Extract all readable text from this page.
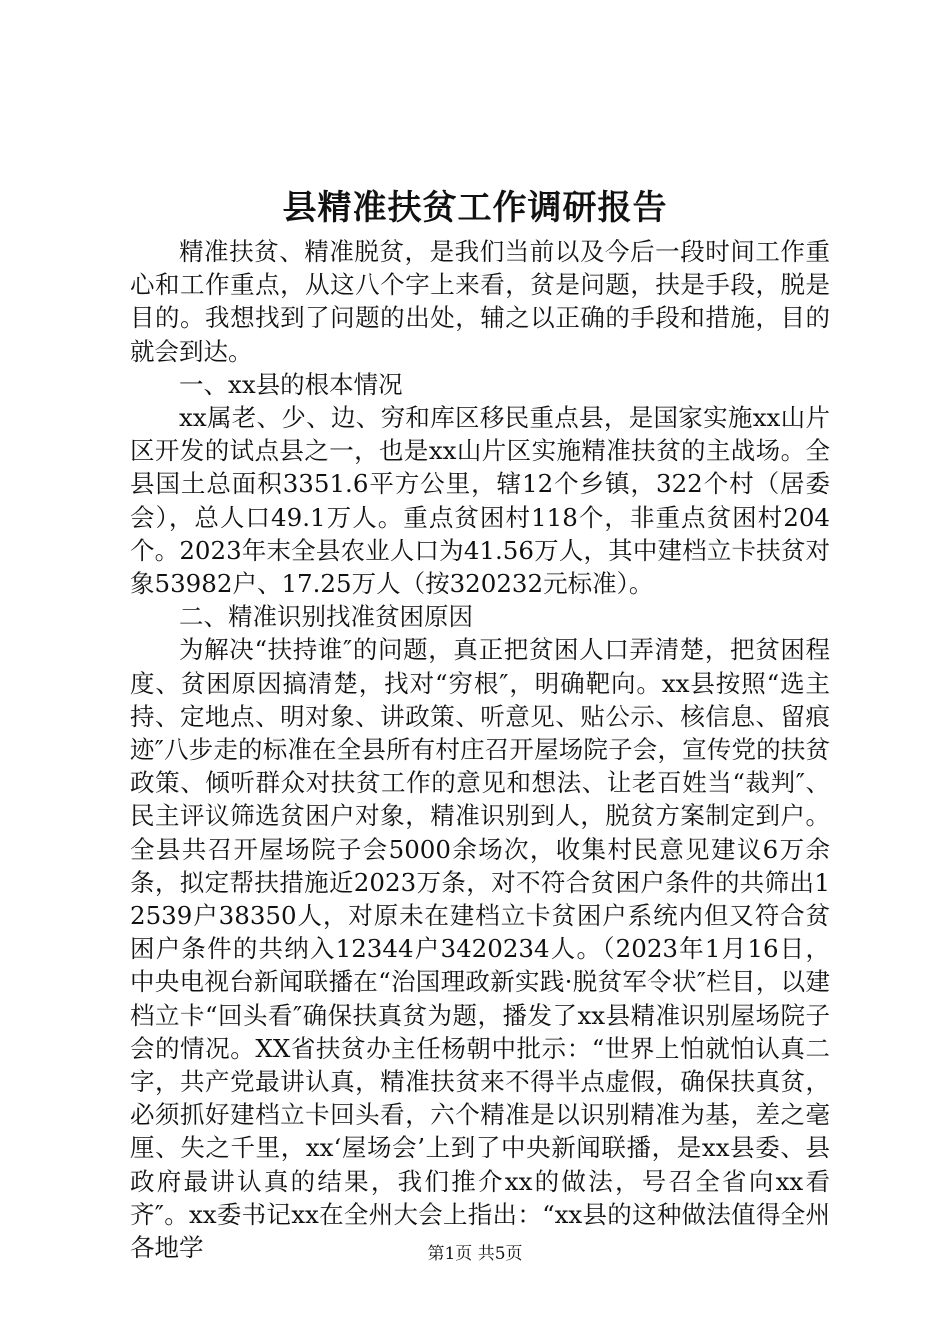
县精准扶贫工作调研报告

精准扶贫、精准脱贫，是我们当前以及今后一段时间工作重心和工作重点，从这八个字上来看，贫是问题，扶是手段，脱是目的。我想找到了问题的出处，辅之以正确的手段和措施，目的就会到达。

一、xx县的根本情况

xx属老、少、边、穷和库区移民重点县，是国家实施xx山片区开发的试点县之一，也是xx山片区实施精准扶贫的主战场。全县国土总面积3351.6平方公里，辖12个乡镇，322个村（居委会），总人口49.1万人。重点贫困村118个，非重点贫困村204个。2023年末全县农业人口为41.56万人，其中建档立卡扶贫对象53982户、17.25万人（按320232元标准）。

二、精准识别找准贫困原因

为解决“扶持谁″的问题，真正把贫困人口弄清楚，把贫困程度、贫困原因搞清楚，找对“穷根″，明确靶向。xx县按照“选主持、定地点、明对象、讲政策、听意见、贴公示、核信息、留痕迹″八步走的标准在全县所有村庄召开屋场院子会，宣传党的扶贫政策、倾听群众对扶贫工作的意见和想法、让老百姓当“裁判″、民主评议筛选贫困户对象，精准识别到人，脱贫方案制定到户。全县共召开屋场院子会5000余场次，收集村民意见建议6万余条，拟定帮扶措施近2023万条，对不符合贫困户条件的共筛出12539户38350人，对原未在建档立卡贫困户系统内但又符合贫困户条件的共纳入12344户3420234人。（2023年1月16日，中央电视台新闻联播在“治国理政新实践·脱贫军令状″栏目，以建档立卡“回头看″确保扶真贫为题，播发了xx县精准识别屋场院子会的情况。XX省扶贫办主任杨朝中批示：“世界上怕就怕认真二字，共产党最讲认真，精准扶贫来不得半点虚假，确保扶真贫，必须抓好建档立卡回头看，六个精准是以识别精准为基，差之毫厘、失之千里，xx‘屋场会’上到了中央新闻联播，是xx县委、县政府最讲认真的结果，我们推介xx的做法，号召全省向xx看齐″。xx委书记xx在全州大会上指出：“xx县的这种做法值得全州各地学	第1页 共5页
